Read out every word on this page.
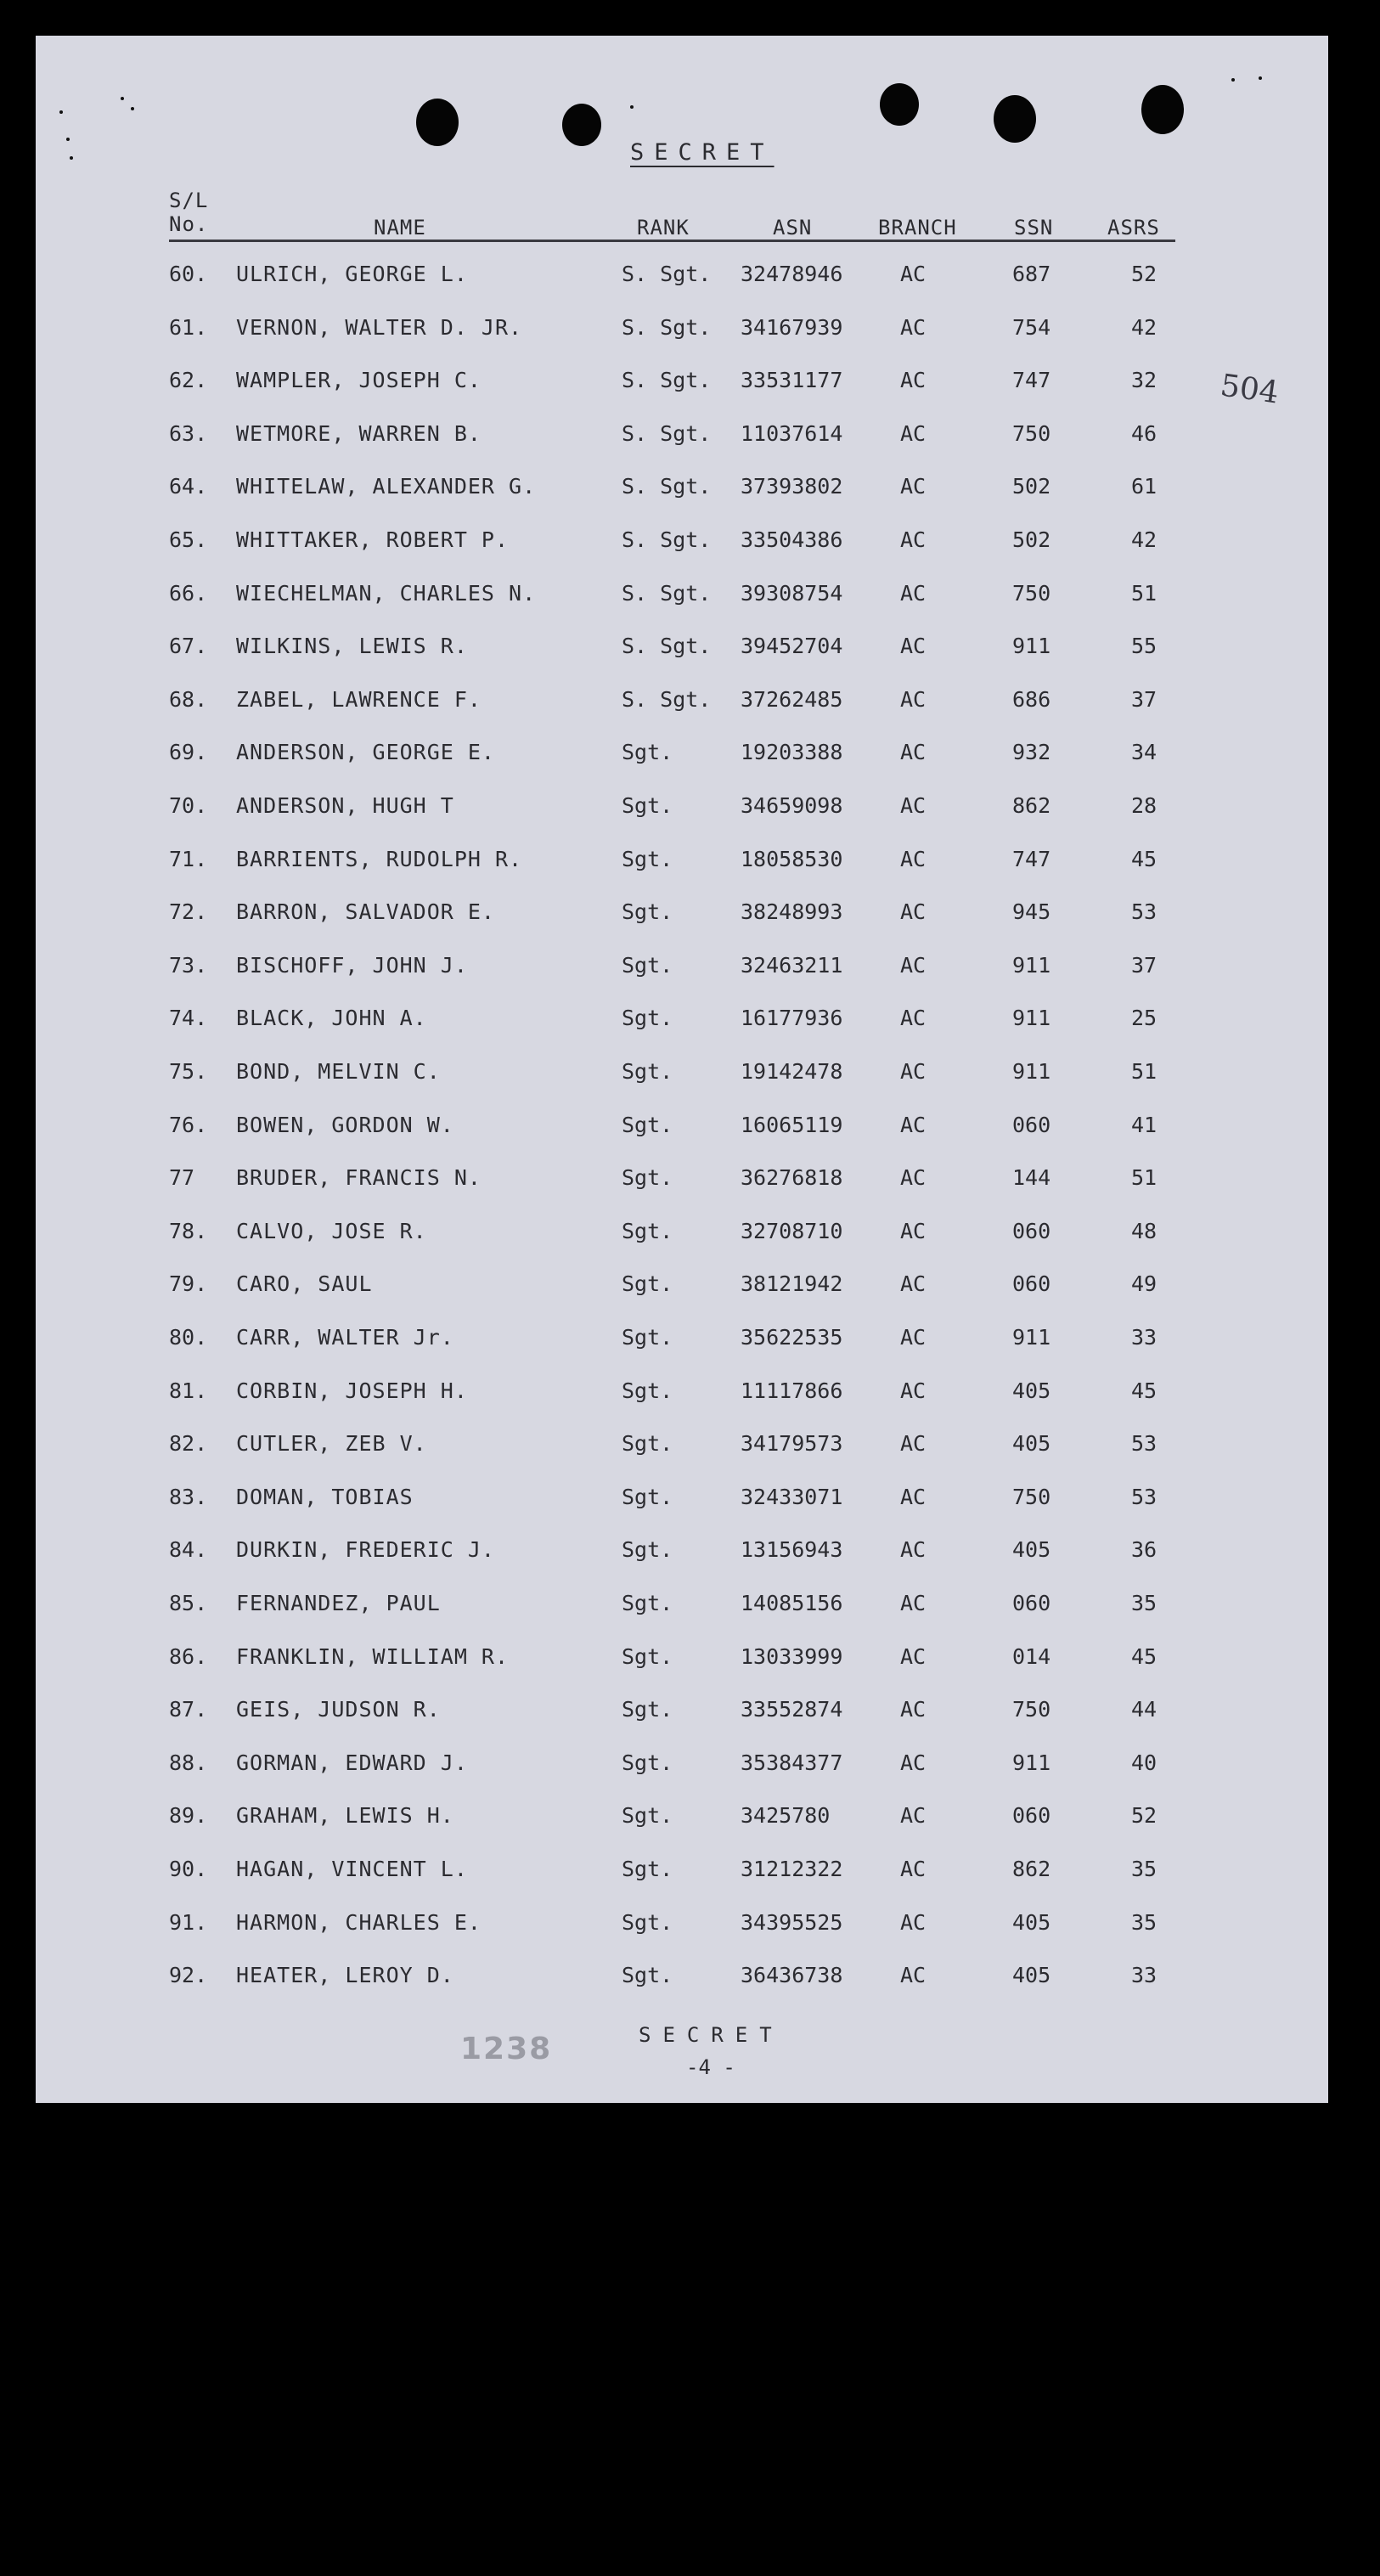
SECRET
S/L
No.	NAME	RANK	ASN	BRANCH	SSN	ASRS
60. ULRICH, GEORGE L.	S. Sgt. 32478946	AC	687	52
61. VERNON, WALTER D. JR.	S. Sgt. 34167939	AC	754	42
62. WAMPLER, JOSEPH C.	S. Sgt. 33531177	AC	747	32
63. WETMORE, WARREN B.	S. Sgt. 11037614	AC	750	46
64. WHITELAW, ALEXANDER G.	S. Sgt. 37393802	AC	502	61
65. WHITTAKER, ROBERT P.	S. Sgt. 33504386	AC	502	42
66. WIECHELMAN, CHARLES N.	S. Sgt. 39308754	AC	750	51
67. WILKINS, LEWIS R.	S. Sgt. 39452704	AC	911	55
68. ZABEL, LAWRENCE F.	S. Sgt. 37262485	AC	686	37
69. ANDERSON, GEORGE E.	Sgt.	19203388	AC	932	34
70. ANDERSON, HUGH T	Sgt.	34659098	AC	862	28
71. BARRIENTS, RUDOLPH R.	Sgt.	18058530	AC	747	45
72. BARRON, SALVADOR E.	Sgt.	38248993	AC	945	53
73. BISCHOFF, JOHN J.	Sgt.	32463211	AC	911	37
74. BLACK, JOHN A.	Sgt.	16177936	AC	911	25
75. BOND, MELVIN C.	Sgt.	19142478	AC	911	51
76. BOWEN, GORDON W.	Sgt.	16065119	AC	060	41
77 BRUDER, FRANCIS N.	Sgt.	36276818	AC	144	51
78. CALVO, JOSE R.	Sgt.	32708710	AC	060	48
79. CARO, SAUL	Sgt.	38121942	AC	060	49
80. CARR, WALTER Jr.	Sgt.	35622535	AC	911	33
81. CORBIN, JOSEPH H.	Sgt.	11117866	AC	405	45
82. CUTLER, ZEB V.	Sgt.	34179573	AC	405	53
83. DOMAN, TOBIAS	Sgt.	32433071	AC	750	53
84. DURKIN, FREDERIC J.	Sgt.	13156943	AC	405	36
85. FERNANDEZ, PAUL	Sgt.	14085156	AC	060	35
86. FRANKLIN, WILLIAM R.	Sgt.	13033999	AC	014	45
87. GEIS, JUDSON R.	Sgt.	33552874	AC	750	44
88. GORMAN, EDWARD J.	Sgt.	35384377	AC	911	40
89. GRAHAM, LEWIS H.	Sgt.	3425780	AC	060	52
90. HAGAN, VINCENT L.	Sgt.	31212322	AC	862	35
91. HARMON, CHARLES E.	Sgt.	34395525	AC	405	35
92. HEATER, LEROY D.	Sgt.	36436738	AC	405	33
504
1238	SECRET
-4 -
